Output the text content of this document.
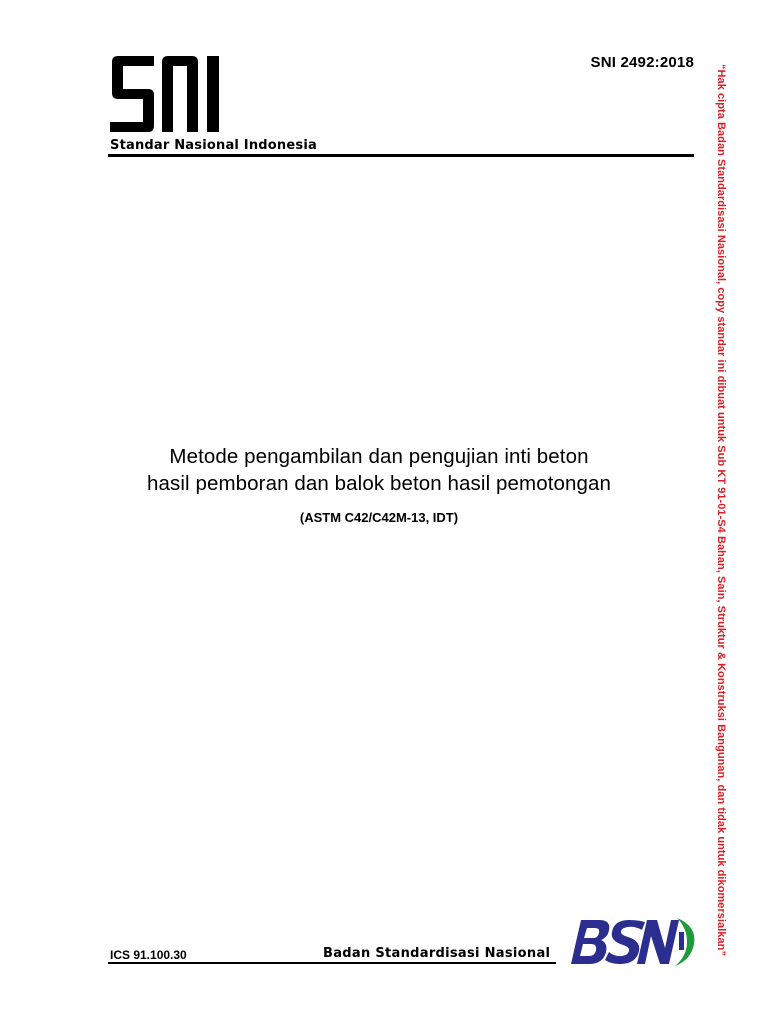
SNI 2492:2018
Standar Nasional Indonesia
Metode pengambilan dan pengujian inti beton
hasil pemboran dan balok beton hasil pemotongan
(ASTM C42/C42M-13, IDT)
ICS 91.100.30	Badan Standardisasi Nasional	“Hak cipta Badan Standardisasi Nasional, copy standar ini dibuat untuk Sub KT 91-01-S4 Bahan, Sain, Struktur & Konstruksi Bangunan, dan tidak untuk dikomersialkan”
